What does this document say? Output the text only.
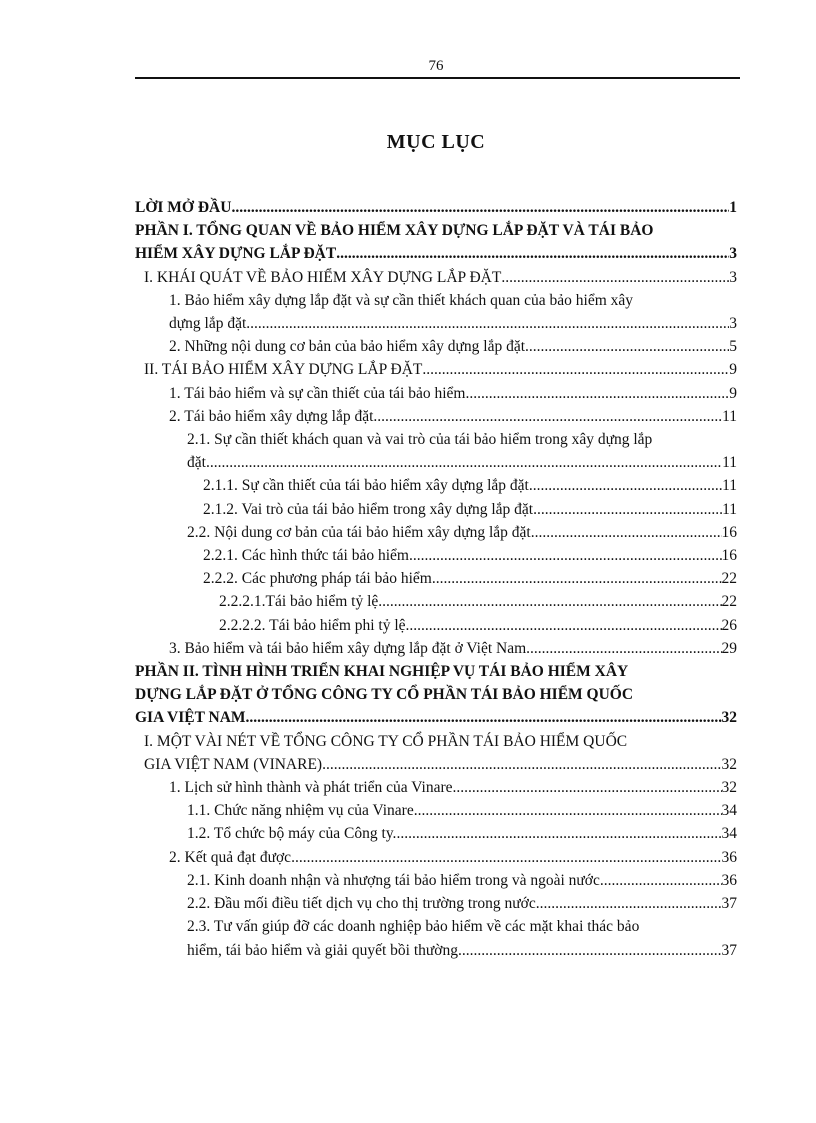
76
MỤC LỤC
LỜI MỞ ĐẦU .....	1
PHẦN I. TỔNG QUAN VỀ BẢO HIỂM XÂY DỰNG LẮP ĐẶT VÀ TÁI BẢO
HIỂM XÂY DỰNG LẮP ĐẶT .....	3
I. KHÁI QUÁT VỀ BẢO HIỂM XÂY DỰNG LẮP ĐẶT .....	3
1. Bảo hiểm xây dựng lắp đặt và sự cần thiết khách quan của bảo hiểm xây
dựng lắp đặt .....	3
2. Những nội dung cơ bản của bảo hiểm xây dựng lắp đặt .....	5
II. TÁI BẢO HIỂM XÂY DỰNG LẮP ĐẶT .....	9
1. Tái bảo hiểm và sự cần thiết của tái bảo hiểm .....	9
2. Tái bảo hiểm xây dựng lắp đặt .....	11
2.1. Sự cần thiết khách quan và vai trò của tái bảo hiểm trong xây dựng lắp
đặt .....	11
2.1.1. Sự cần thiết của tái bảo hiểm xây dựng lắp đặt .....	11
2.1.2. Vai trò của tái bảo hiểm trong xây dựng lắp đặt. .....	11
2.2. Nội dung cơ bản của tái bảo hiểm xây dựng lắp đặt .....	16
2.2.1. Các hình thức tái bảo hiểm .....	16
2.2.2. Các phương pháp tái bảo hiểm. .....	22
2.2.2.1.Tái bảo hiểm tỷ lệ. .....	22
2.2.2.2. Tái bảo hiểm phi tỷ lệ. .....	26
3. Bảo hiểm và tái bảo hiểm xây dựng lắp đặt ở Việt Nam .....	29
PHẦN II. TÌNH HÌNH TRIỂN KHAI NGHIỆP VỤ TÁI BẢO HIỂM XÂY
DỰNG LẮP ĐẶT Ở TỔNG CÔNG TY CỔ PHẦN TÁI BẢO HIỂM QUỐC
GIA VIỆT NAM .....	32
I. MỘT VÀI NÉT VỀ TỔNG CÔNG TY CỔ PHẦN TÁI BẢO HIỂM QUỐC
GIA VIỆT NAM (VINARE) .....	32
1. Lịch sử hình thành và phát triển của Vinare .....	32
1.1. Chức năng nhiệm vụ của Vinare .....	34
1.2. Tổ chức bộ máy của Công ty. .....	34
2. Kết quả đạt được .....	36
2.1. Kinh doanh nhận và nhượng tái bảo hiểm trong và ngoài nước. .....	36
2.2. Đầu mối điều tiết dịch vụ cho thị trường trong nước. .....	37
2.3. Tư vấn giúp đỡ các doanh nghiệp bảo hiểm về các mặt khai thác bảo
hiểm, tái bảo hiểm và giải quyết bồi thường .....	37
